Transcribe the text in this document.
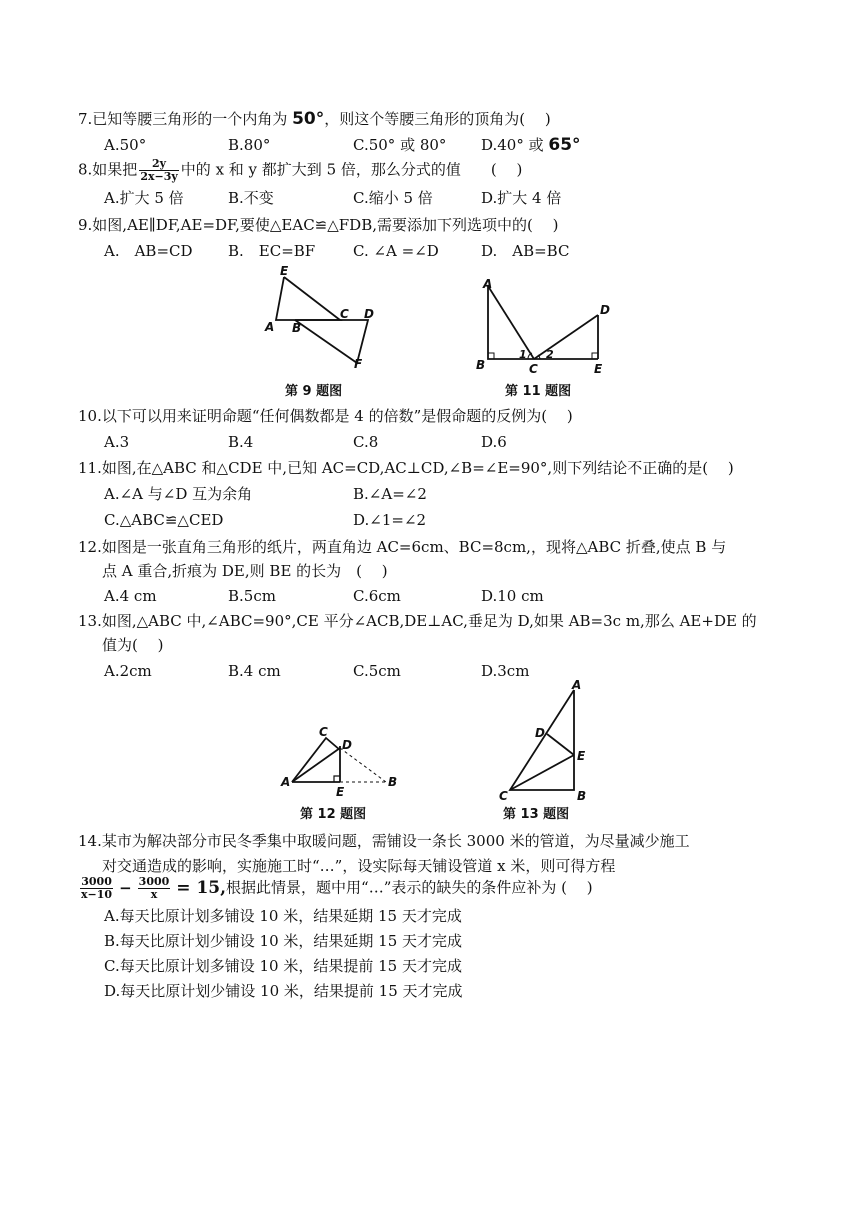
7.已知等腰三角形的一个内角为 50°，则这个等腰三角形的顶角为(　 )
A.50°	B.80°	C.50° 或 80° D.40° 或 65°
8.如果把 $\frac{2y}{2x-3y}$ 中的 x 和 y 都扩大到 5 倍，那么分式的值　　(　 )
A.扩大 5 倍	B.不变	C.缩小 5 倍	D.扩大 4 倍
9.如图,AE∥DF,AE=DF,要使△EAC≌△FDB,需要添加下列选项中的(　 )
A.　AB=CD B.　EC=BF	C. ∠A =∠D	D.　AB=BC
E
A B
C D
F
第 9 题图
A
D
B
1 2
C	E
第 11 题图
10.以下可以用来证明命题“任何偶数都是 4 的倍数”是假命题的反例为(　 )
A.3	B.4	C.8	D.6
11.如图,在△ABC 和△CDE 中,已知 AC=CD,AC⊥CD,∠B=∠E=90°,则下列结论不正确的是(　 )
A.∠A 与∠D 互为余角	B.∠A=∠2
C.△ABC≌△CED	D.∠1=∠2
12.如图是一张直角三角形的纸片，两直角边 AC=6cm、BC=8cm,，现将△ABC 折叠,使点 B 与
点 A 重合,折痕为 DE,则 BE 的长为　(　 )
A.4 cm	B.5cm	C.6cm	D.10 cm
13.如图,△ABC 中,∠ABC=90°,CE 平分∠ACB,DE⊥AC,垂足为 D,如果 AB=3c m,那么 AE+DE 的
值为(　 )
A.2cm	B.4 cm	C.5cm	D.3cm
C
D
A
E
B
第 12 题图
A
D
E
C	B
第 13 题图
14.某市为解决部分市民冬季集中取暖问题，需铺设一条长 3000 米的管道，为尽量减少施工
对交通造成的影响，实施施工时“…”，设实际每天铺设管道 x 米，则可得方程
$\frac{3000}{x-10} - \frac{3000}{x} = 15$,根据此情景，题中用“…”表示的缺失的条件应补为 (　 )
A.每天比原计划多铺设 10 米，结果延期 15 天才完成
B.每天比原计划少铺设 10 米，结果延期 15 天才完成
C.每天比原计划多铺设 10 米，结果提前 15 天才完成
D.每天比原计划少铺设 10 米，结果提前 15 天才完成
